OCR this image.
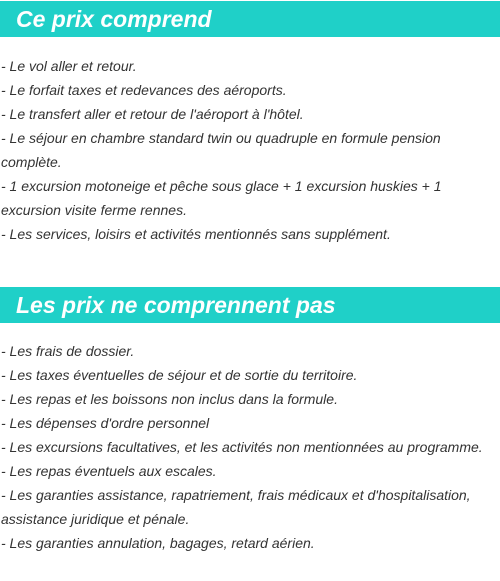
Ce prix comprend

- Le vol aller et retour.

- Le forfait taxes et redevances des aéroports.

- Le transfert aller et retour de l'aéroport à l'hôtel.

- Le séjour en chambre standard twin ou quadruple en formule pension complète.

- 1 excursion motoneige et pêche sous glace + 1 excursion huskies + 1 excursion visite ferme rennes.

- Les services, loisirs et activités mentionnés sans supplément.

Les prix ne comprennent pas

- Les frais de dossier.

- Les taxes éventuelles de séjour et de sortie du territoire.

- Les repas et les boissons non inclus dans la formule.

- Les dépenses d'ordre personnel

- Les excursions facultatives, et les activités non mentionnées au programme.

- Les repas éventuels aux escales.

- Les garanties assistance, rapatriement, frais médicaux et d'hospitalisation, assistance juridique et pénale.

- Les garanties annulation, bagages, retard aérien.
